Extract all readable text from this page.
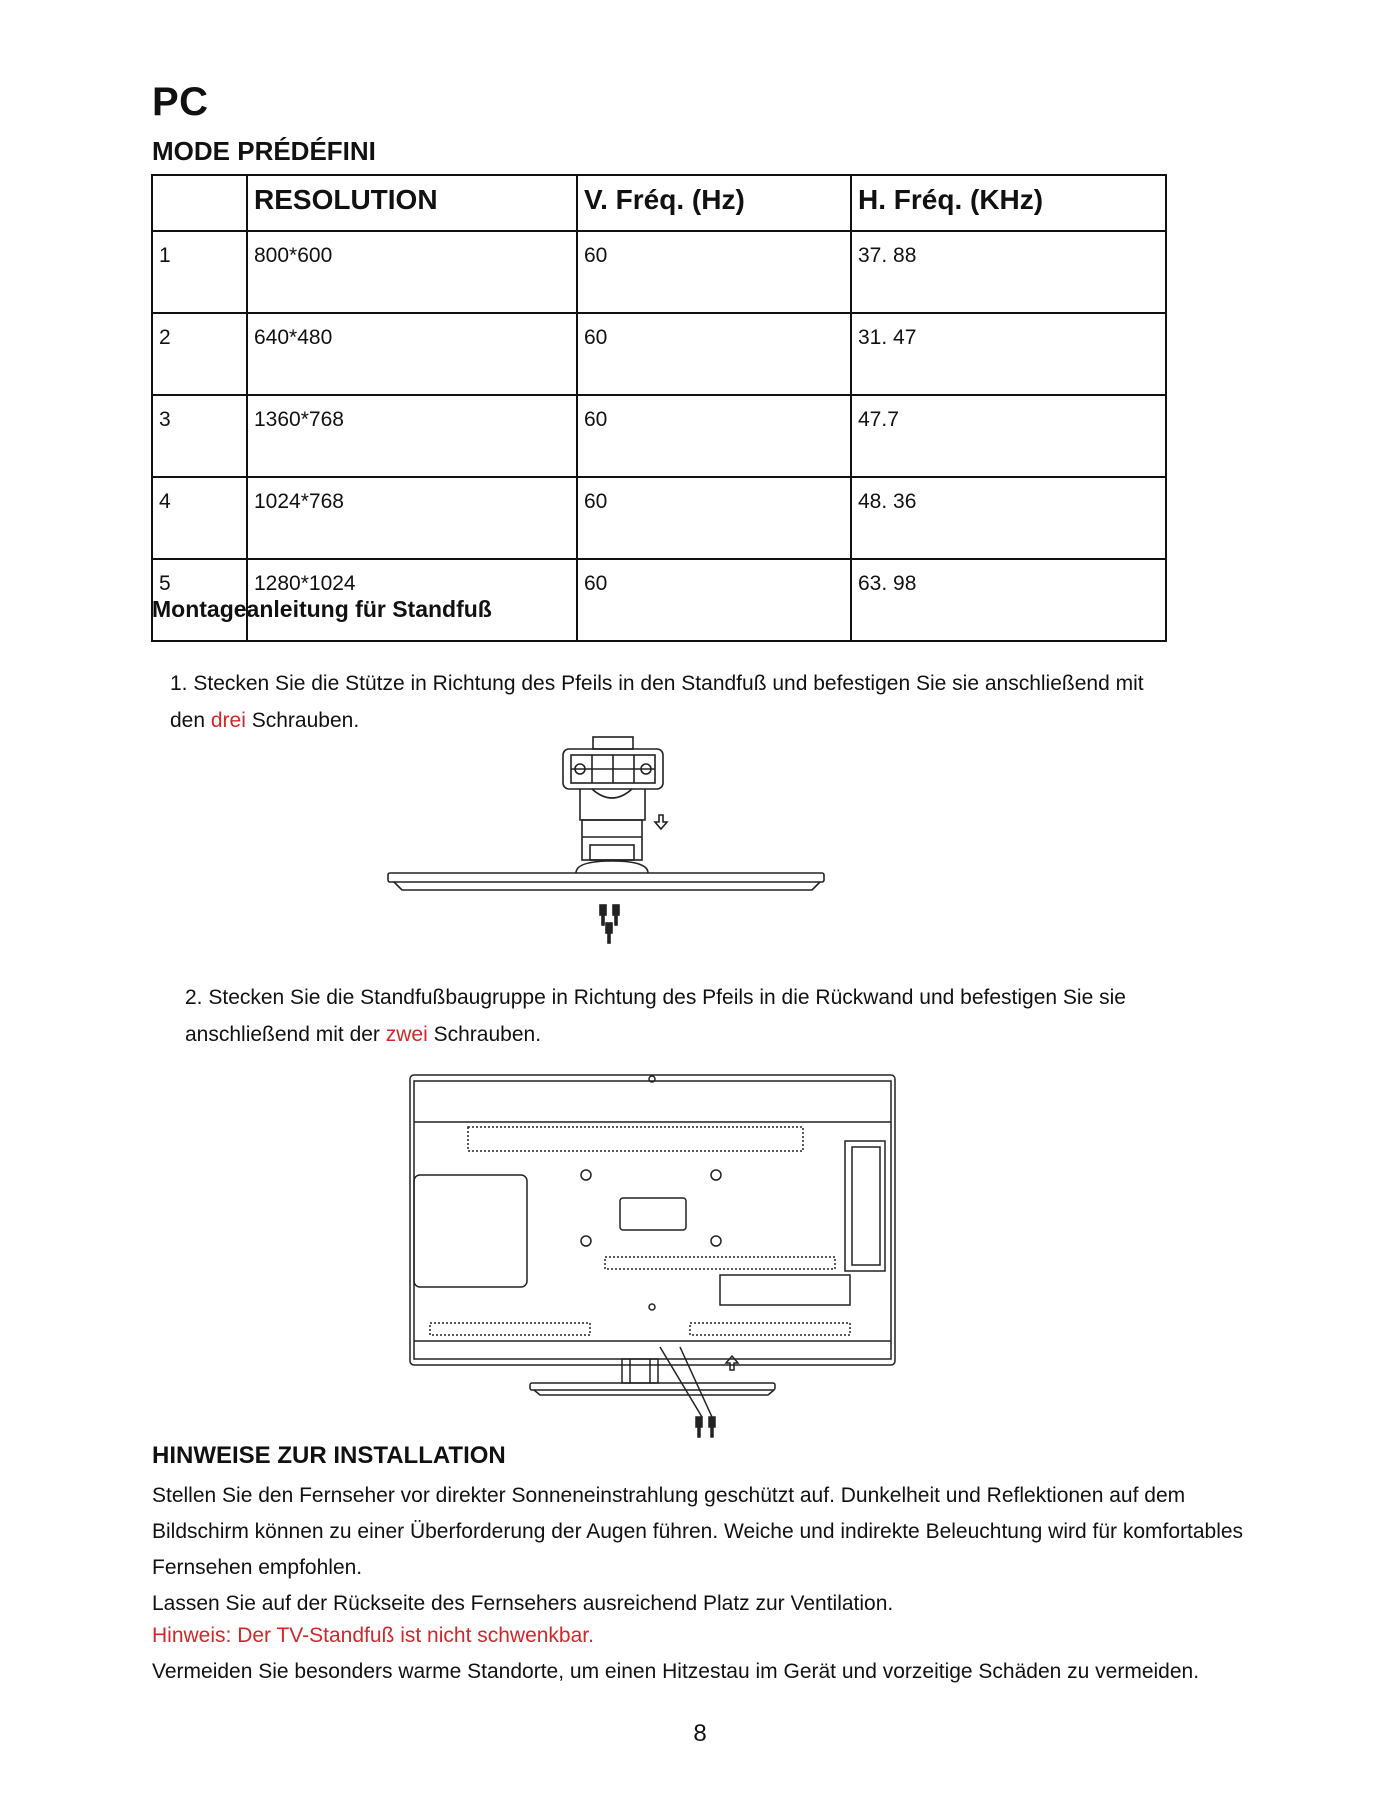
PC
MODE PRÉDÉFINI
	RESOLUTION	V. Fréq. (Hz)	H. Fréq. (KHz)
1	800*600	60	37. 88
2	640*480	60	31. 47
3	1360*768	60	47.7
4	1024*768	60	48. 36
5	1280*1024	60	63. 98
Montageanleitung für Standfuß

1. Stecken Sie die Stütze in Richtung des Pfeils in den Standfuß und befestigen Sie sie anschließend mit den drei Schrauben.

2. Stecken Sie die Standfußbaugruppe in Richtung des Pfeils in die Rückwand und befestigen Sie sie anschließend mit der zwei Schrauben.

HINWEISE ZUR INSTALLATION

Stellen Sie den Fernseher vor direkter Sonneneinstrahlung geschützt auf. Dunkelheit und Reflektionen auf dem Bildschirm können zu einer Überforderung der Augen führen. Weiche und indirekte Beleuchtung wird für komfortables Fernsehen empfohlen.

Lassen Sie auf der Rückseite des Fernsehers ausreichend Platz zur Ventilation.

Hinweis: Der TV-Standfuß ist nicht schwenkbar.

Vermeiden Sie besonders warme Standorte, um einen Hitzestau im Gerät und vorzeitige Schäden zu vermeiden.

8
